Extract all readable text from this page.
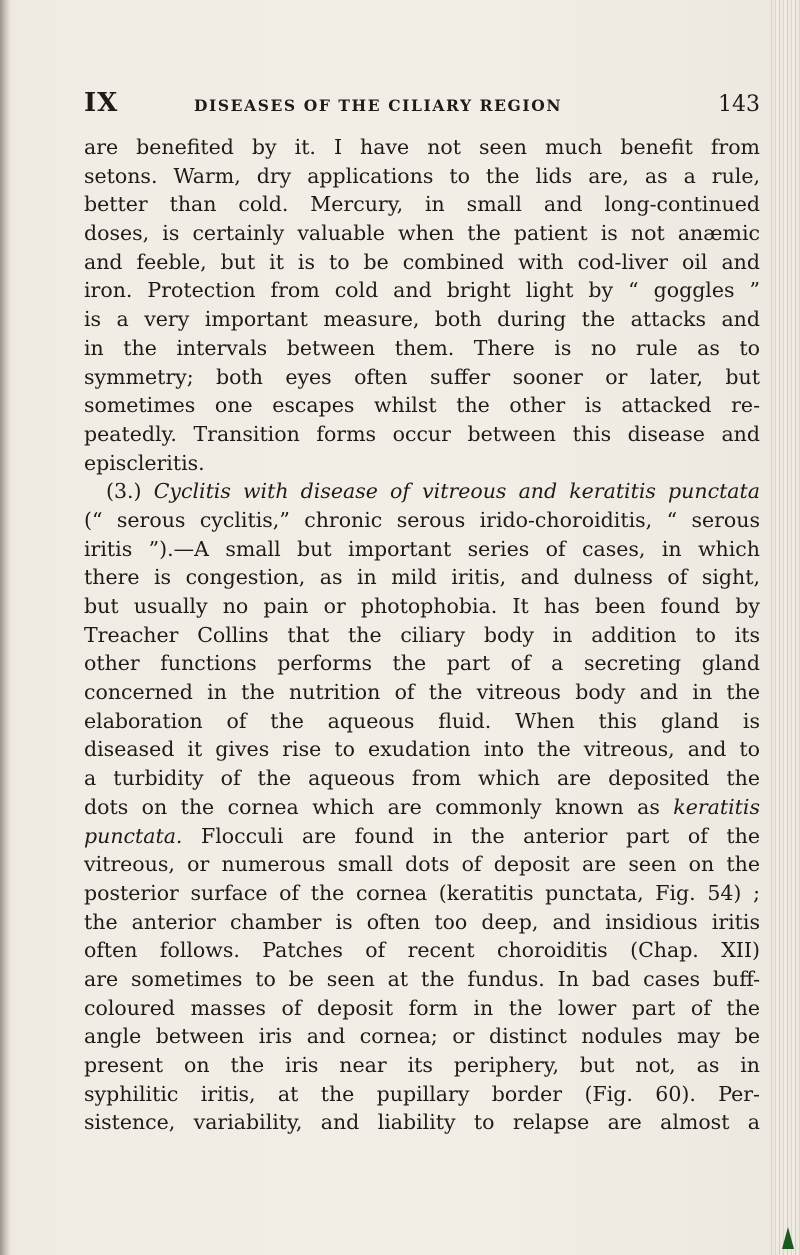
IX	DISEASES OF THE CILIARY REGION	143
are benefited by it. I have not seen much benefit from
setons. Warm, dry applications to the lids are, as a rule,
better than cold. Mercury, in small and long-continued
doses, is certainly valuable when the patient is not anæmic
and feeble, but it is to be combined with cod-liver oil and
iron. Protection from cold and bright light by “ goggles ”
is a very important measure, both during the attacks and
in the intervals between them. There is no rule as to
symmetry; both eyes often suffer sooner or later, but
sometimes one escapes whilst the other is attacked re-
peatedly. Transition forms occur between this disease and
episcleritis.
(3.) Cyclitis with disease of vitreous and keratitis punctata
(“ serous cyclitis,” chronic serous irido-choroiditis, “ serous
iritis ”).—A small but important series of cases, in which
there is congestion, as in mild iritis, and dulness of sight,
but usually no pain or photophobia. It has been found by
Treacher Collins that the ciliary body in addition to its
other functions performs the part of a secreting gland
concerned in the nutrition of the vitreous body and in the
elaboration of the aqueous fluid. When this gland is
diseased it gives rise to exudation into the vitreous, and to
a turbidity of the aqueous from which are deposited the
dots on the cornea which are commonly known as keratitis
punctata. Flocculi are found in the anterior part of the
vitreous, or numerous small dots of deposit are seen on the
posterior surface of the cornea (keratitis punctata, Fig. 54) ;
the anterior chamber is often too deep, and insidious iritis
often follows. Patches of recent choroiditis (Chap. XII)
are sometimes to be seen at the fundus. In bad cases buff-
coloured masses of deposit form in the lower part of the
angle between iris and cornea; or distinct nodules may be
present on the iris near its periphery, but not, as in
syphilitic iritis, at the pupillary border (Fig. 60). Per-
sistence, variability, and liability to relapse are almost a
